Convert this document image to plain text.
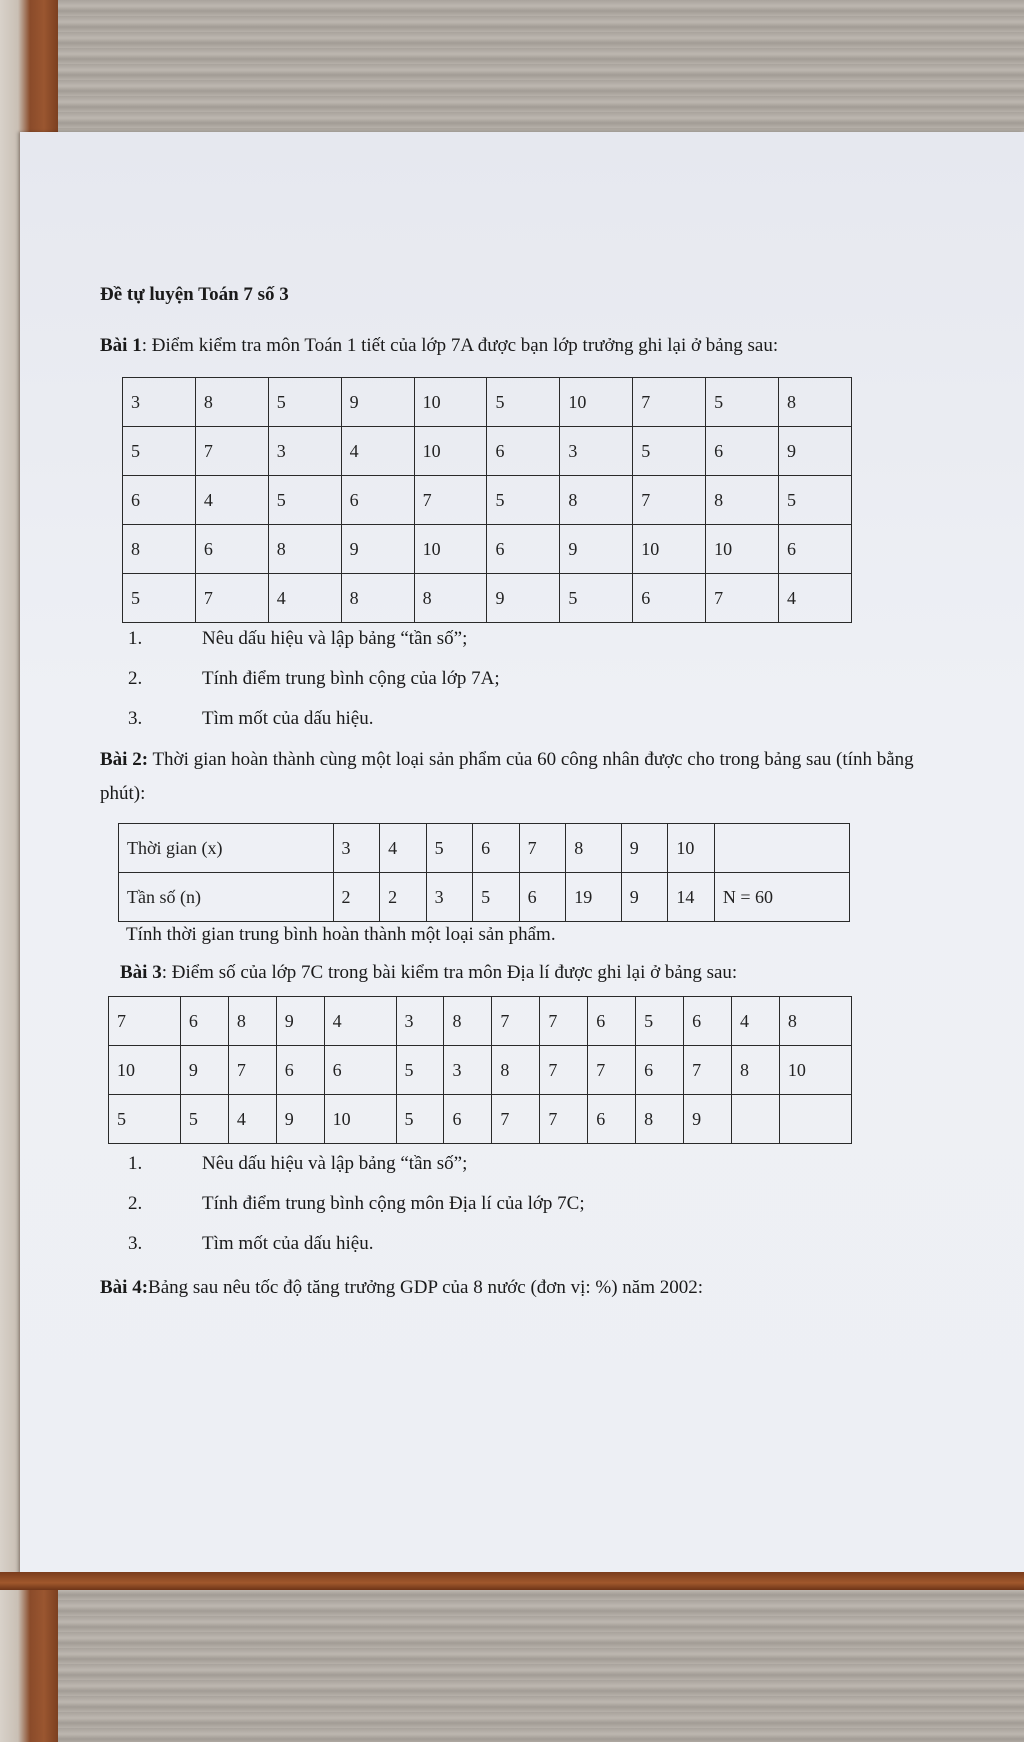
Đề tự luyện Toán 7 số 3

Bài 1: Điểm kiểm tra môn Toán 1 tiết của lớp 7A được bạn lớp trưởng ghi lại ở bảng sau:

3	8	5	9	10	5	10	7	5	8
5	7	3	4	10	6	3	5	6	9
6	4	5	6	7	5	8	7	8	5
8	6	8	9	10	6	9	10	10	6
5	7	4	8	8	9	5	6	7	4
1.	Nêu dấu hiệu và lập bảng “tần số”;
2.	Tính điểm trung bình cộng của lớp 7A;
3.	Tìm mốt của dấu hiệu.

Bài 2: Thời gian hoàn thành cùng một loại sản phẩm của 60 công nhân được cho trong bảng sau (tính bằng phút):

Thời gian (x)	3	4	5	6	7	8	9	10	
Tần số (n)	2	2	3	5	6	19	9	14	N = 60

Tính thời gian trung bình hoàn thành một loại sản phẩm.

Bài 3: Điểm số của lớp 7C trong bài kiểm tra môn Địa lí được ghi lại ở bảng sau:

7	6	8	9	4	3	8	7	7	6	5	6	4	8
10	9	7	6	6	5	3	8	7	7	6	7	8	10
5	5	4	9	10	5	6	7	7	6	8	9		
1.	Nêu dấu hiệu và lập bảng “tần số”;
2.	Tính điểm trung bình cộng môn Địa lí của lớp 7C;
3.	Tìm mốt của dấu hiệu.

Bài 4:Bảng sau nêu tốc độ tăng trưởng GDP của 8 nước (đơn vị: %) năm 2002:
